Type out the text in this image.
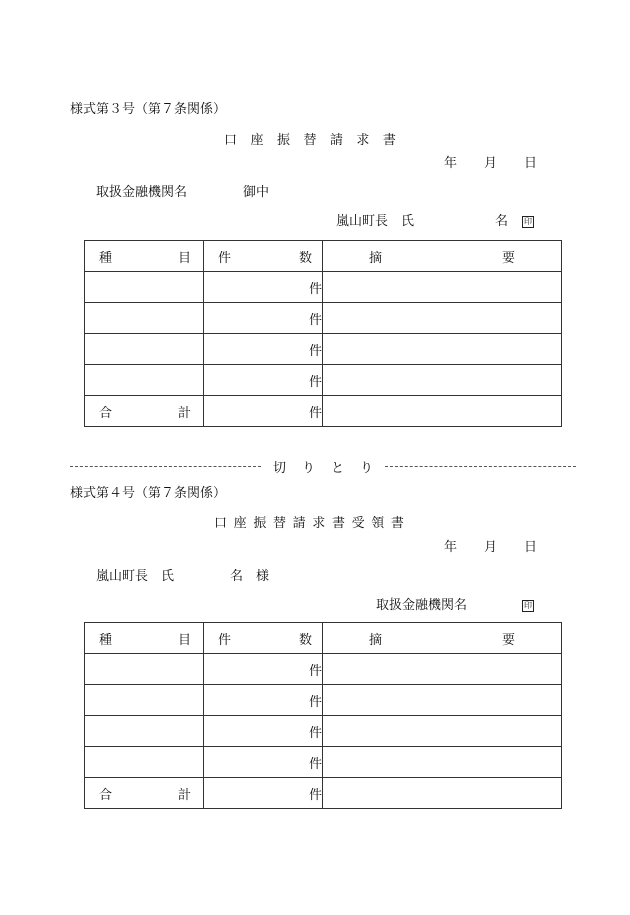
様式第３号（第７条関係）
口 座 振 替 請 求 書
年 月 日
取扱金融機関名	御中
嵐山町長　氏	名 印
種 目	件 数	摘 要

	件	
	件	
	件	
	件	

合 計	件	
切 り と り
様式第４号（第７条関係）
口 座 振 替 請 求 書 受 領 書
年 月 日
嵐山町長　氏	名 様
取扱金融機関名	印
種 目	件 数	摘 要

	件	
	件	
	件	
	件	

合 計	件	
